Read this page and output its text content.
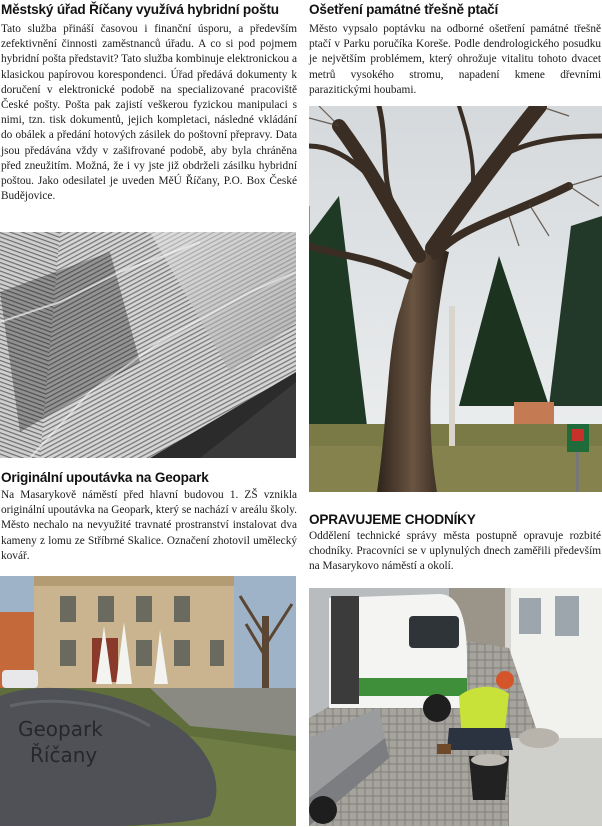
Městský úřad Říčany využívá hybridní poštu

Tato služba přináší časovou i finanční úsporu, a především zefektivnění činnosti zaměstnanců úřadu. A co si pod pojmem hybridní pošta představit? Tato služba kombinuje elektronickou a klasickou papírovou korespondenci. Úřad předává dokumenty k doručení v elektronické podobě na specializované pracoviště České pošty. Pošta pak zajistí veškerou fyzickou manipulaci s nimi, tzn. tisk dokumentů, jejich kompletaci, následné vkládání do obálek a předání hotových zásilek do poštovní přepravy. Data jsou předávána vždy v zašifrované podobě, aby byla chráněna před zneužitím. Možná, že i vy jste již obdrželi zásilku hybridní poštou. Jako odesilatel je uveden MěÚ Říčany, P.O. Box České Budějovice.

Originální upoutávka na Geopark

Na Masarykově náměstí před hlavní budovou 1. ZŠ vznikla originální upoutávka na Geopark, který se nachází v areálu školy. Město nechalo na nevyužité travnaté prostranství instalovat dva kameny z lomu ze Stříbrné Skalice. Označení zhotovil umělecký kovář.

Geopark
Říčany
Ošetření památné třešně ptačí

Město vypsalo poptávku na odborné ošetření památné třešně ptačí v Parku poručíka Koreše. Podle dendrologického posudku je největším problémem, který ohrožuje vitalitu tohoto dvacet metrů vysokého stromu, napadení kmene dřevními parazitickými houbami.

OPRAVUJEME CHODNÍKY

Oddělení technické správy města postupně opravuje rozbité chodníky. Pracovníci se v uplynulých dnech zaměřili především na Masarykovo náměstí a okolí.
